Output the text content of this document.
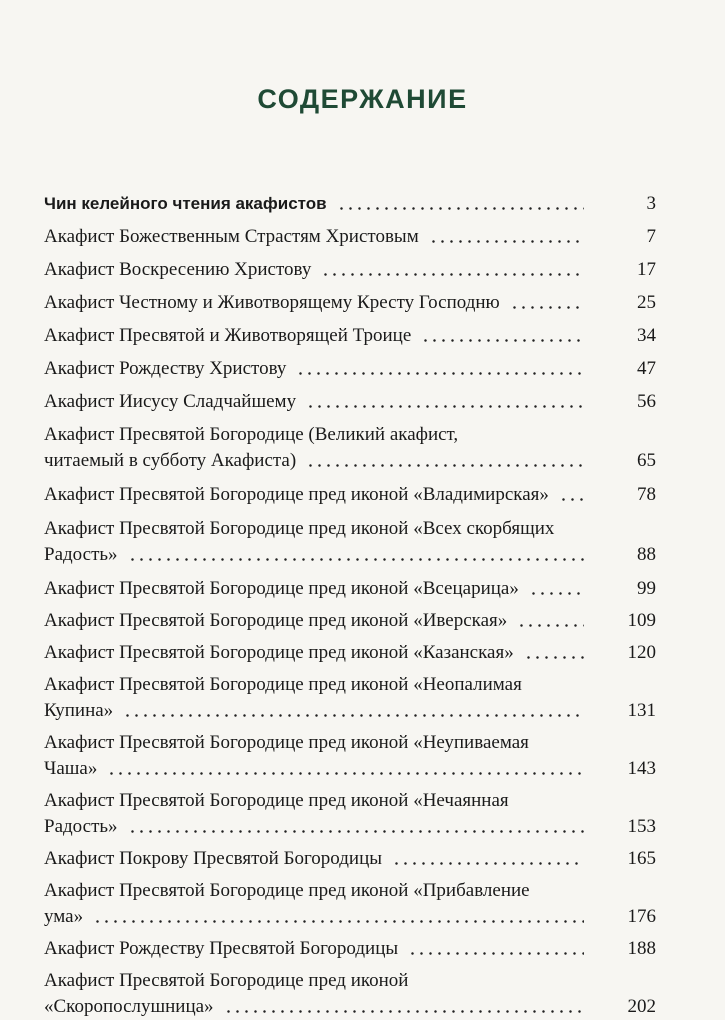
СОДЕРЖАНИЕ
Чин келейного чтения акафистов	3
Акафист Божественным Страстям Христовым	7
Акафист Воскресению Христову	17
Акафист Честному и Животворящему Кресту Господню	25
Акафист Пресвятой и Животворящей Троице	34
Акафист Рождеству Христову	47
Акафист Иисусу Сладчайшему	56
Акафист Пресвятой Богородице (Великий акафист,
читаемый в субботу Акафиста)	65
Акафист Пресвятой Богородице пред иконой «Владимирская»	78
Акафист Пресвятой Богородице пред иконой «Всех скорбящих
Радость»	88
Акафист Пресвятой Богородице пред иконой «Всецарица»	99
Акафист Пресвятой Богородице пред иконой «Иверская»	109
Акафист Пресвятой Богородице пред иконой «Казанская»	120
Акафист Пресвятой Богородице пред иконой «Неопалимая
Купина»	131
Акафист Пресвятой Богородице пред иконой «Неупиваемая
Чаша»	143
Акафист Пресвятой Богородице пред иконой «Нечаянная
Радость»	153
Акафист Покрову Пресвятой Богородицы	165
Акафист Пресвятой Богородице пред иконой «Прибавление
ума»	176
Акафист Рождеству Пресвятой Богородицы	188
Акафист Пресвятой Богородице пред иконой
«Скоропослушница»	202
